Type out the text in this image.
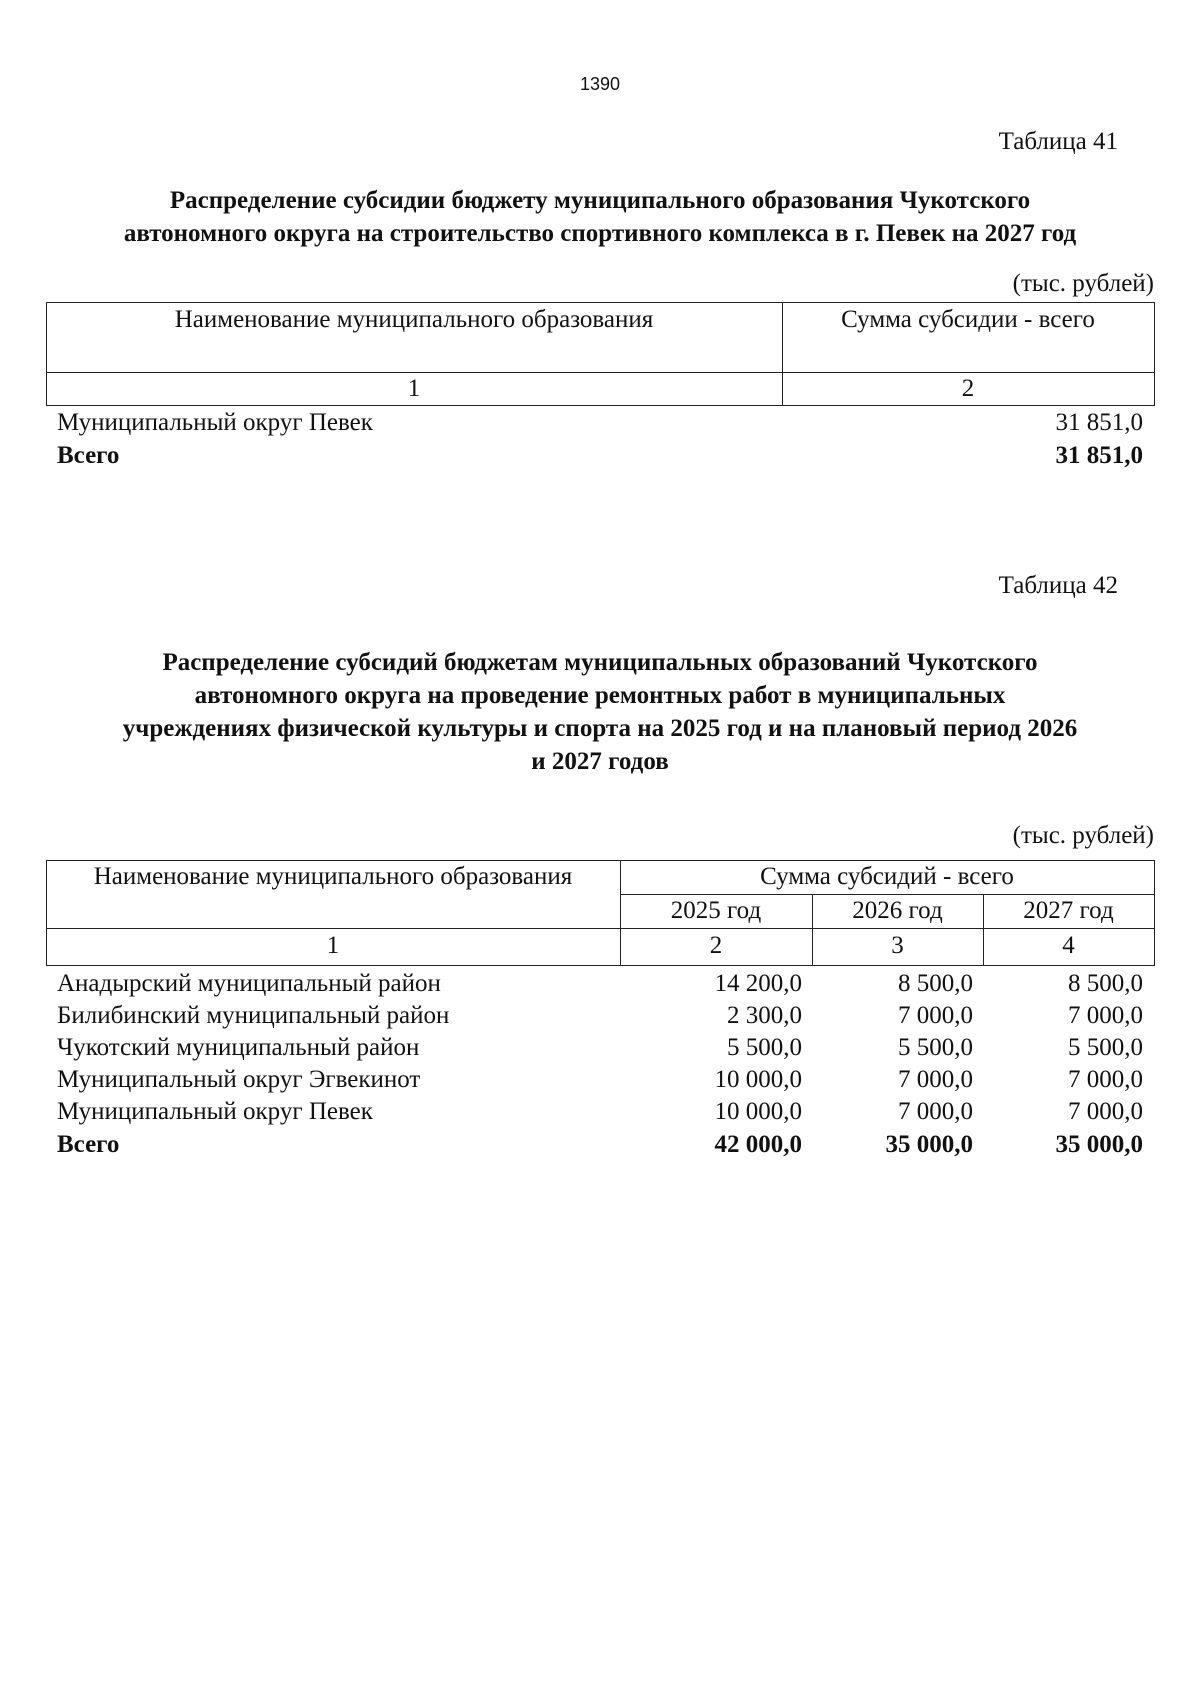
1390
Таблица 41
Распределение субсидии бюджету муниципального образования Чукотского
автономного округа на строительство спортивного комплекса в г. Певек на 2027 год
(тыс. рублей)
Наименование муниципального образования	Сумма субсидии - всего
1	2
Муниципальный округ Певек	31 851,0
Всего	31 851,0
Таблица 42
Распределение субсидий бюджетам муниципальных образований Чукотского
автономного округа на проведение ремонтных работ в муниципальных
учреждениях физической культуры и спорта на 2025 год и на плановый период 2026
и 2027 годов
(тыс. рублей)
Наименование муниципального образования	Сумма субсидий - всего
2025 год	2026 год	2027 год
1	2	3	4
Анадырский муниципальный район	14 200,0	8 500,0	8 500,0
Билибинский муниципальный район	2 300,0	7 000,0	7 000,0
Чукотский муниципальный район	5 500,0	5 500,0	5 500,0
Муниципальный округ Эгвекинот	10 000,0	7 000,0	7 000,0
Муниципальный округ Певек	10 000,0	7 000,0	7 000,0
Всего	42 000,0	35 000,0	35 000,0
